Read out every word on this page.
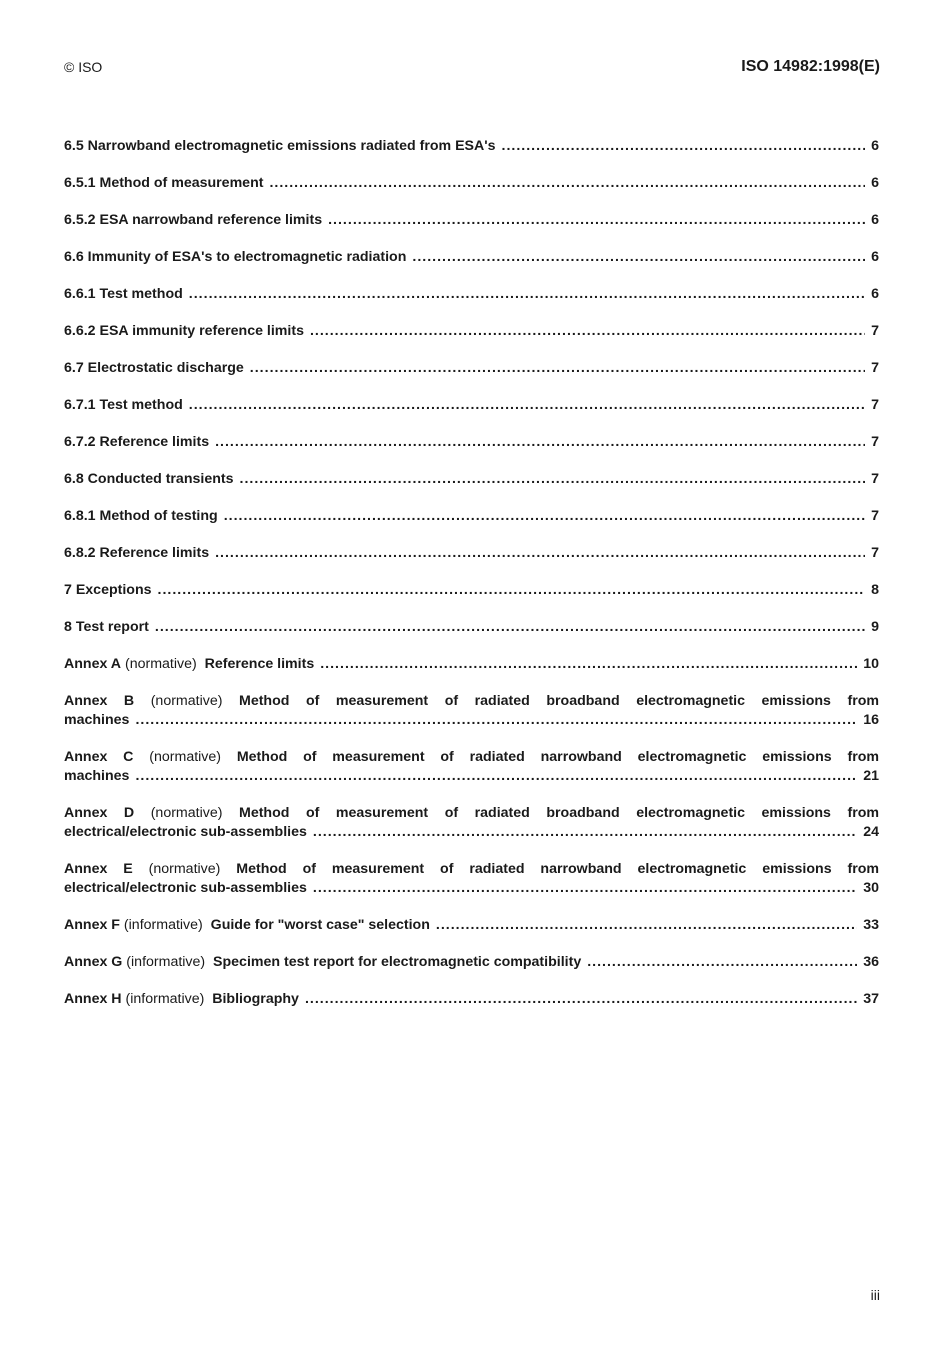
© ISO	ISO 14982:1998(E)
6.5 Narrowband electromagnetic emissions radiated from ESA's .....	6
6.5.1 Method of measurement .....	6
6.5.2 ESA narrowband reference limits .....	6
6.6 Immunity of ESA's to electromagnetic radiation .....	6
6.6.1 Test method .....	6
6.6.2 ESA immunity reference limits .....	7
6.7 Electrostatic discharge .....	7
6.7.1 Test method .....	7
6.7.2 Reference limits .....	7
6.8 Conducted transients .....	7
6.8.1 Method of testing .....	7
6.8.2 Reference limits .....	7
7 Exceptions .....	8
8 Test report .....	9
Annex A
(normative)
Reference limits .....	10
Annex B (normative) Method of measurement of radiated broadband electromagnetic emissions from
machines .....	16
Annex C (normative) Method of measurement of radiated narrowband electromagnetic emissions from
machines .....	21
Annex D (normative) Method of measurement of radiated broadband electromagnetic emissions from
electrical/electronic sub-assemblies .....	24
Annex E (normative) Method of measurement of radiated narrowband electromagnetic emissions from
electrical/electronic sub-assemblies .....	30
Annex F
(informative)
Guide for "worst case" selection .....	33
Annex G
(informative)
Specimen test report for electromagnetic compatibility .....	36
Annex H
(informative)
Bibliography .....	37
iii
